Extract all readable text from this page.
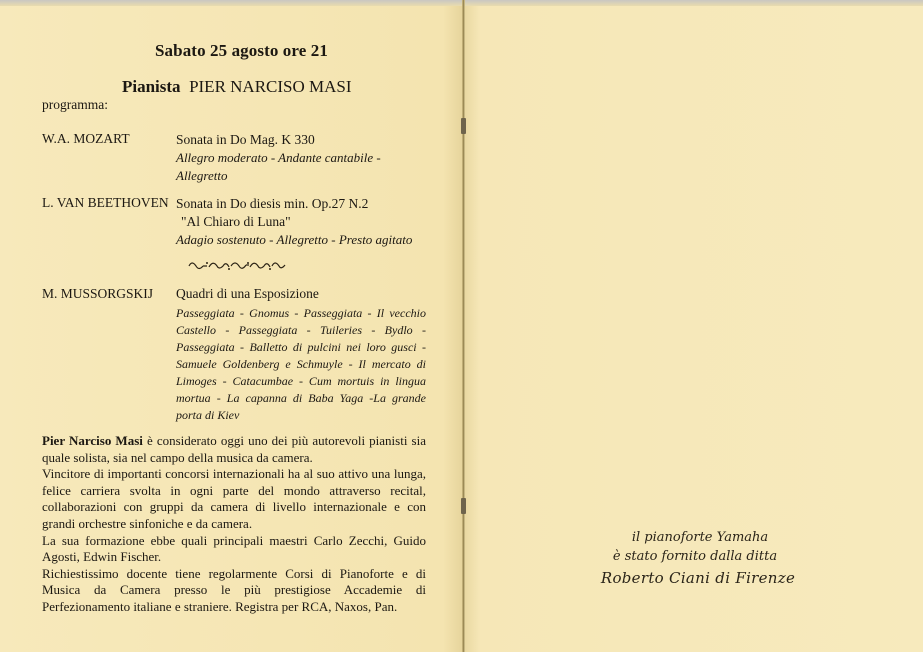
Sabato 25 agosto ore 21
Pianista PIER NARCISO MASI
programma:
W.A. MOZART	Sonata in Do Mag. K 330
Allegro moderato - Andante cantabile -
Allegretto
L. VAN BEETHOVEN Sonata in Do diesis min. Op.27 N.2
"Al Chiaro di Luna"
Adagio sostenuto - Allegretto - Presto agitato
M. MUSSORGSKIJ Quadri di una Esposizione
Passeggiata - Gnomus - Passeggiata - Il vecchio Castello - Passeggiata - Tuileries - Bydlo - Passeggiata - Balletto di pulcini nei loro gusci - Samuele Goldenberg e Schmuyle - Il mercato di Limoges - Catacumbae - Cum mortuis in lingua mortua - La capanna di Baba Yaga -La grande porta di Kiev

Pier Narciso Masi è considerato oggi uno dei più autorevoli pianisti sia quale solista, sia nel campo della musica da camera.

Vincitore di importanti concorsi internazionali ha al suo attivo una lunga, felice carriera svolta in ogni parte del mondo attraverso recital, collaborazioni con gruppi da camera di livello internazionale e con grandi orchestre sinfoniche e da camera.

La sua formazione ebbe quali principali maestri Carlo Zecchi, Guido Agosti, Edwin Fischer.

Richiestissimo docente tiene regolarmente Corsi di Pianoforte e di Musica da Camera presso le più prestigiose Accademie di Perfezionamento italiane e straniere. Registra per RCA, Naxos, Pan.

il pianoforte Yamaha
è stato fornito dalla ditta
Roberto Ciani di Firenze
